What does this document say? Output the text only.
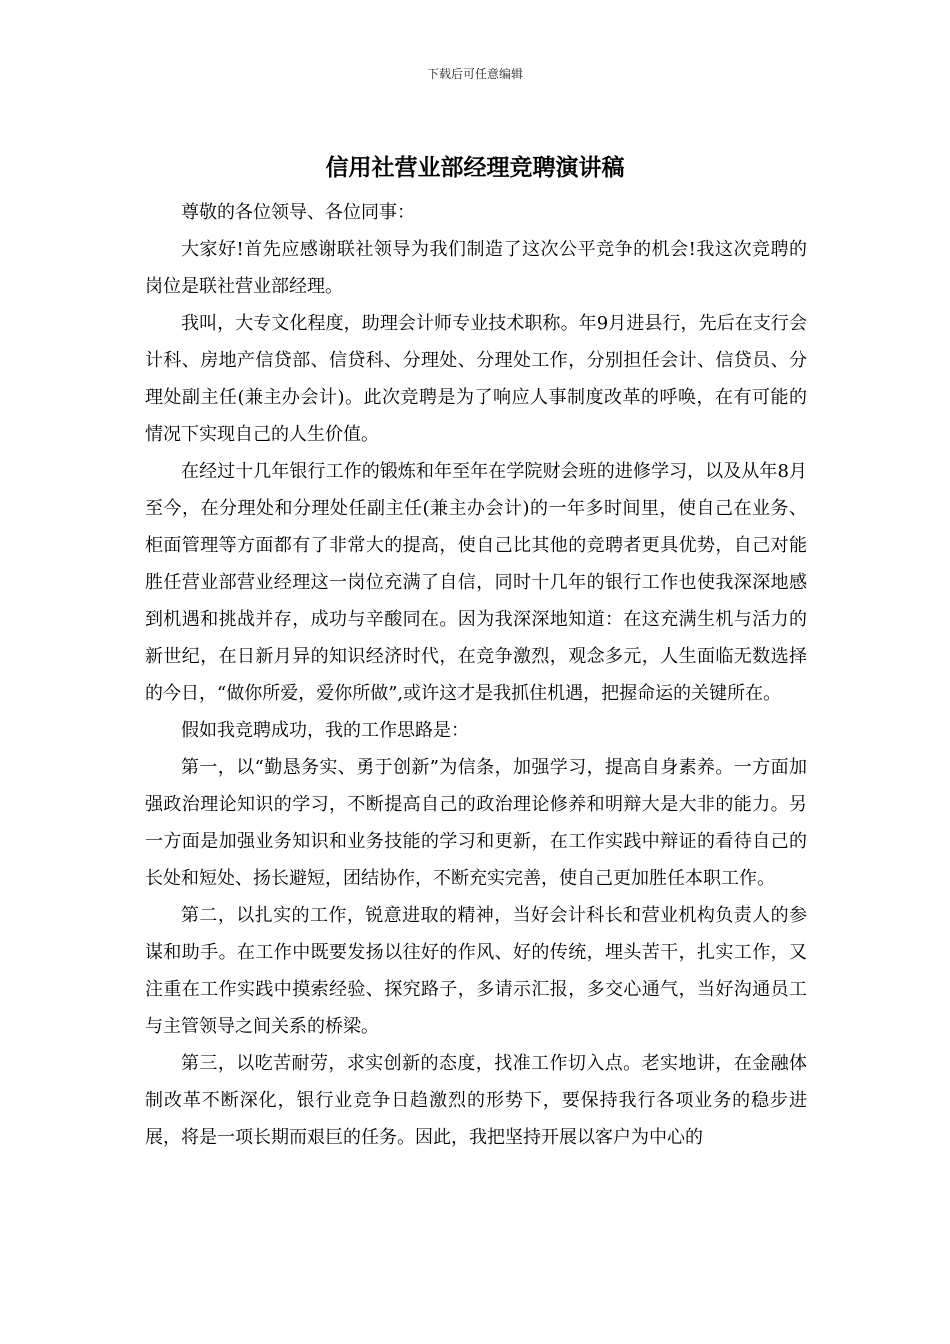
下载后可任意编辑
信用社营业部经理竞聘演讲稿

尊敬的各位领导、各位同事：

大家好!首先应感谢联社领导为我们制造了这次公平竞争的机会!我这次竞聘的岗位是联社营业部经理。

我叫，大专文化程度，助理会计师专业技术职称。年9月进县行，先后在支行会计科、房地产信贷部、信贷科、分理处、分理处工作，分别担任会计、信贷员、分理处副主任(兼主办会计)。此次竞聘是为了响应人事制度改革的呼唤，在有可能的情况下实现自己的人生价值。

在经过十几年银行工作的锻炼和年至年在学院财会班的进修学习，以及从年8月至今，在分理处和分理处任副主任(兼主办会计)的一年多时间里，使自己在业务、柜面管理等方面都有了非常大的提高，使自己比其他的竞聘者更具优势，自己对能胜任营业部营业经理这一岗位充满了自信，同时十几年的银行工作也使我深深地感到机遇和挑战并存，成功与辛酸同在。因为我深深地知道：在这充满生机与活力的新世纪，在日新月异的知识经济时代，在竞争激烈，观念多元，人生面临无数选择的今日，“做你所爱，爱你所做”,或许这才是我抓住机遇，把握命运的关键所在。

假如我竞聘成功，我的工作思路是：

第一，以“勤恳务实、勇于创新”为信条，加强学习，提高自身素养。一方面加强政治理论知识的学习，不断提高自己的政治理论修养和明辩大是大非的能力。另一方面是加强业务知识和业务技能的学习和更新，在工作实践中辩证的看待自己的长处和短处、扬长避短，团结协作，不断充实完善，使自己更加胜任本职工作。

第二，以扎实的工作，锐意进取的精神，当好会计科长和营业机构负责人的参谋和助手。在工作中既要发扬以往好的作风、好的传统，埋头苦干，扎实工作，又注重在工作实践中摸索经验、探究路子，多请示汇报，多交心通气，当好沟通员工与主管领导之间关系的桥梁。

第三，以吃苦耐劳，求实创新的态度，找准工作切入点。老实地讲，在金融体制改革不断深化，银行业竞争日趋激烈的形势下，要保持我行各项业务的稳步进展，将是一项长期而艰巨的任务。因此，我把坚持开展以客户为中心的
